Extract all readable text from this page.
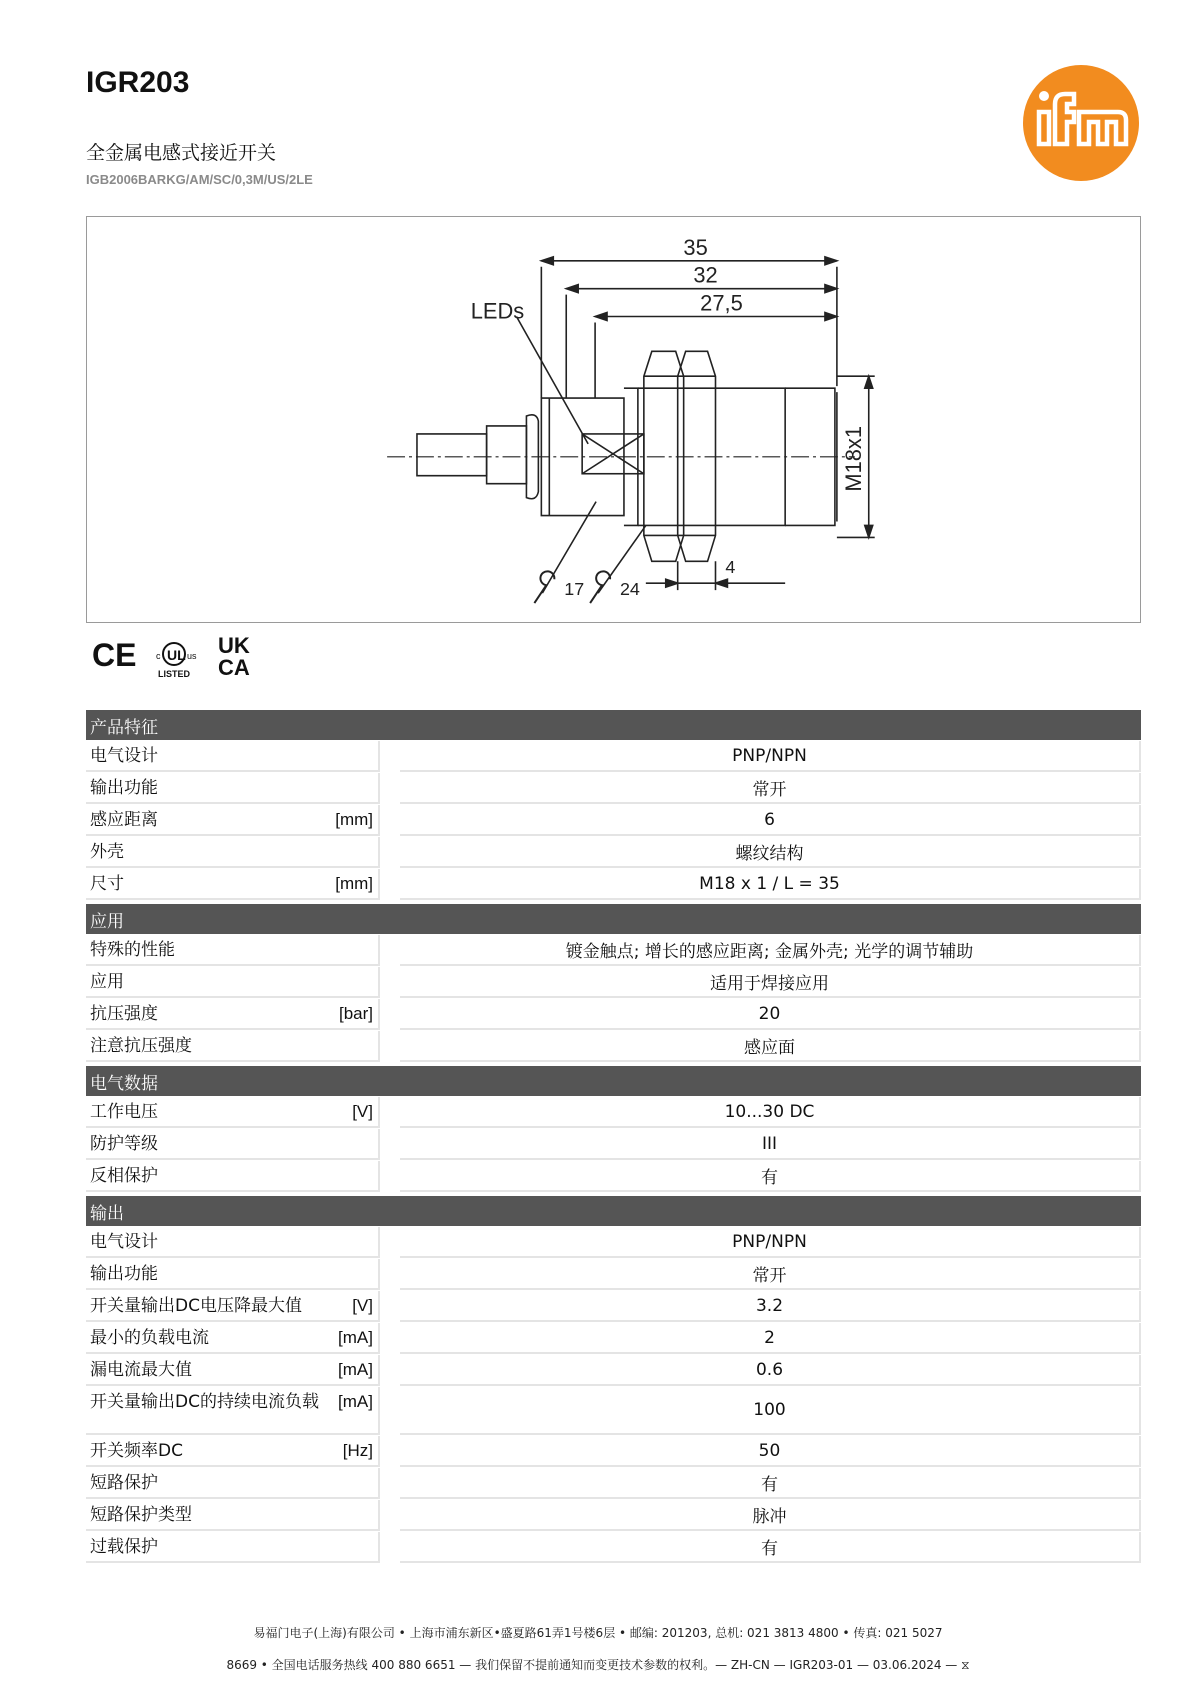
IGR203
全金属电感式接近开关
IGB2006BARKG/AM/SC/0,3M/US/2LE
ifm
35
32
27,5
LEDs
M18x1
17 24
4
CE UL
c	us
LISTED
UK
CA
产品特征
电气设计	PNP/NPN
输出功能	常开
感应距离	[mm]	6
外壳	螺纹结构
尺寸	[mm]	M18 x 1 / L = 35
应用
特殊的性能	镀金触点; 增长的感应距离; 金属外壳; 光学的调节辅助
应用	适用于焊接应用
抗压强度	[bar]	20
注意抗压强度	感应面
电气数据
工作电压	[V]	10...30 DC
防护等级	III
反相保护	有
输出
电气设计	PNP/NPN
输出功能	常开
开关量输出DC电压降最大值	[V]	3.2
最小的负载电流	[mA]	2
漏电流最大值	[mA]	0.6
开关量输出DC的持续电流负载	[mA]	100
开关频率DC	[Hz]	50
短路保护	有
短路保护类型	脉冲
过载保护	有
易福门电子(上海)有限公司 • 上海市浦东新区•盛夏路61弄1号楼6层 • 邮编: 201203, 总机: 021 3813 4800 • 传真: 021 5027
8669 • 全国电话服务热线 400 880 6651 — 我们保留不提前通知而变更技术参数的权利。— ZH-CN — IGR203-01 — 03.06.2024 — ⧖
